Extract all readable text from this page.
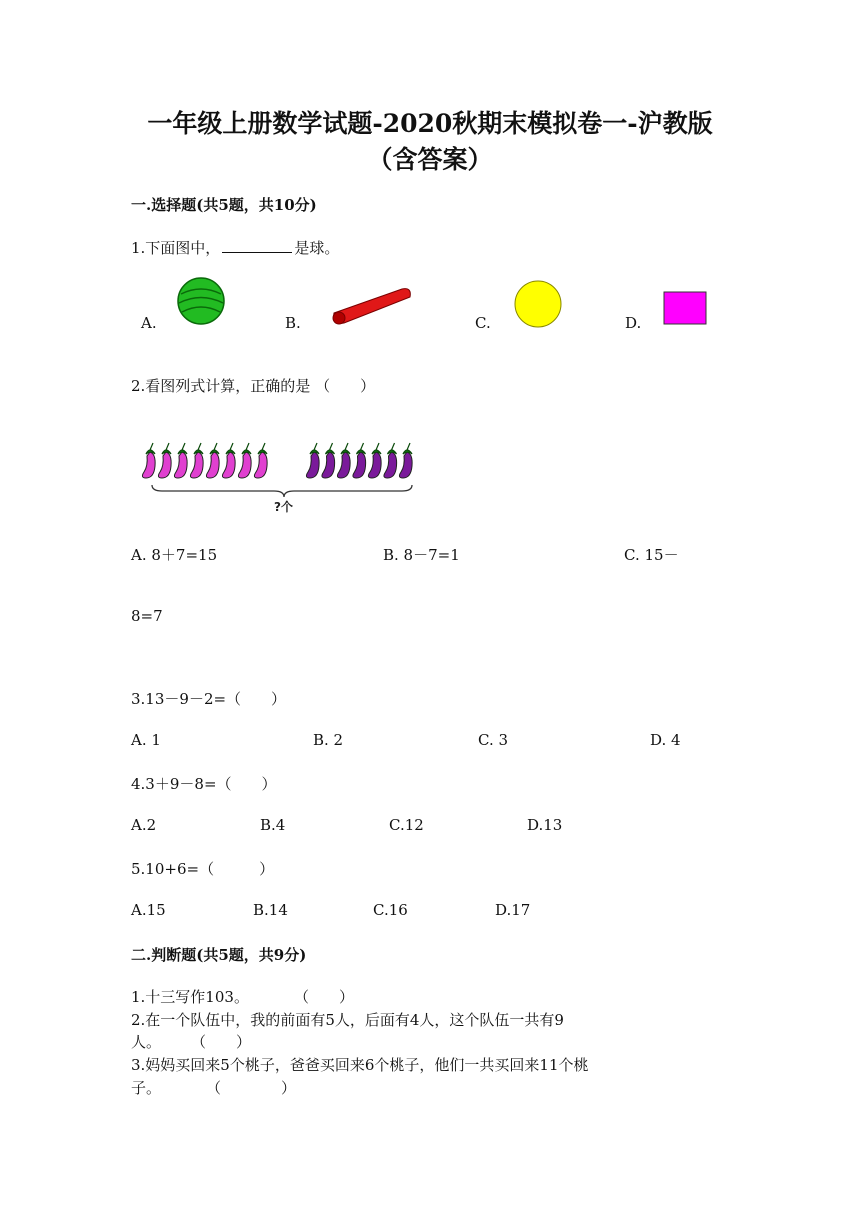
一年级上册数学试题-2020秋期末模拟卷一-沪教版
（含答案）
一.选择题(共5题，共10分)
1.下面图中，	是球。
A.	B.	C.	D.
2.看图列式计算，正确的是 （　　）
?个
A. 8＋7=15	B. 8－7=1	C. 15－
8=7
3.13－9－2=（　　）
A. 1	B. 2	C. 3	D. 4
4.3＋9－8=（　　）
A.2	B.4	C.12	D.13
5.10+6=（　　　）
A.15	B.14	C.16	D.17
二.判断题(共5题，共9分)
1.十三写作103。　　　　（　　）
2.在一个队伍中，我的前面有5人，后面有4人，这个队伍一共有9
人。　　　（　　）
3.妈妈买回来5个桃子，爸爸买回来6个桃子，他们一共买回来11个桃
子。　　　　（　　　　）
